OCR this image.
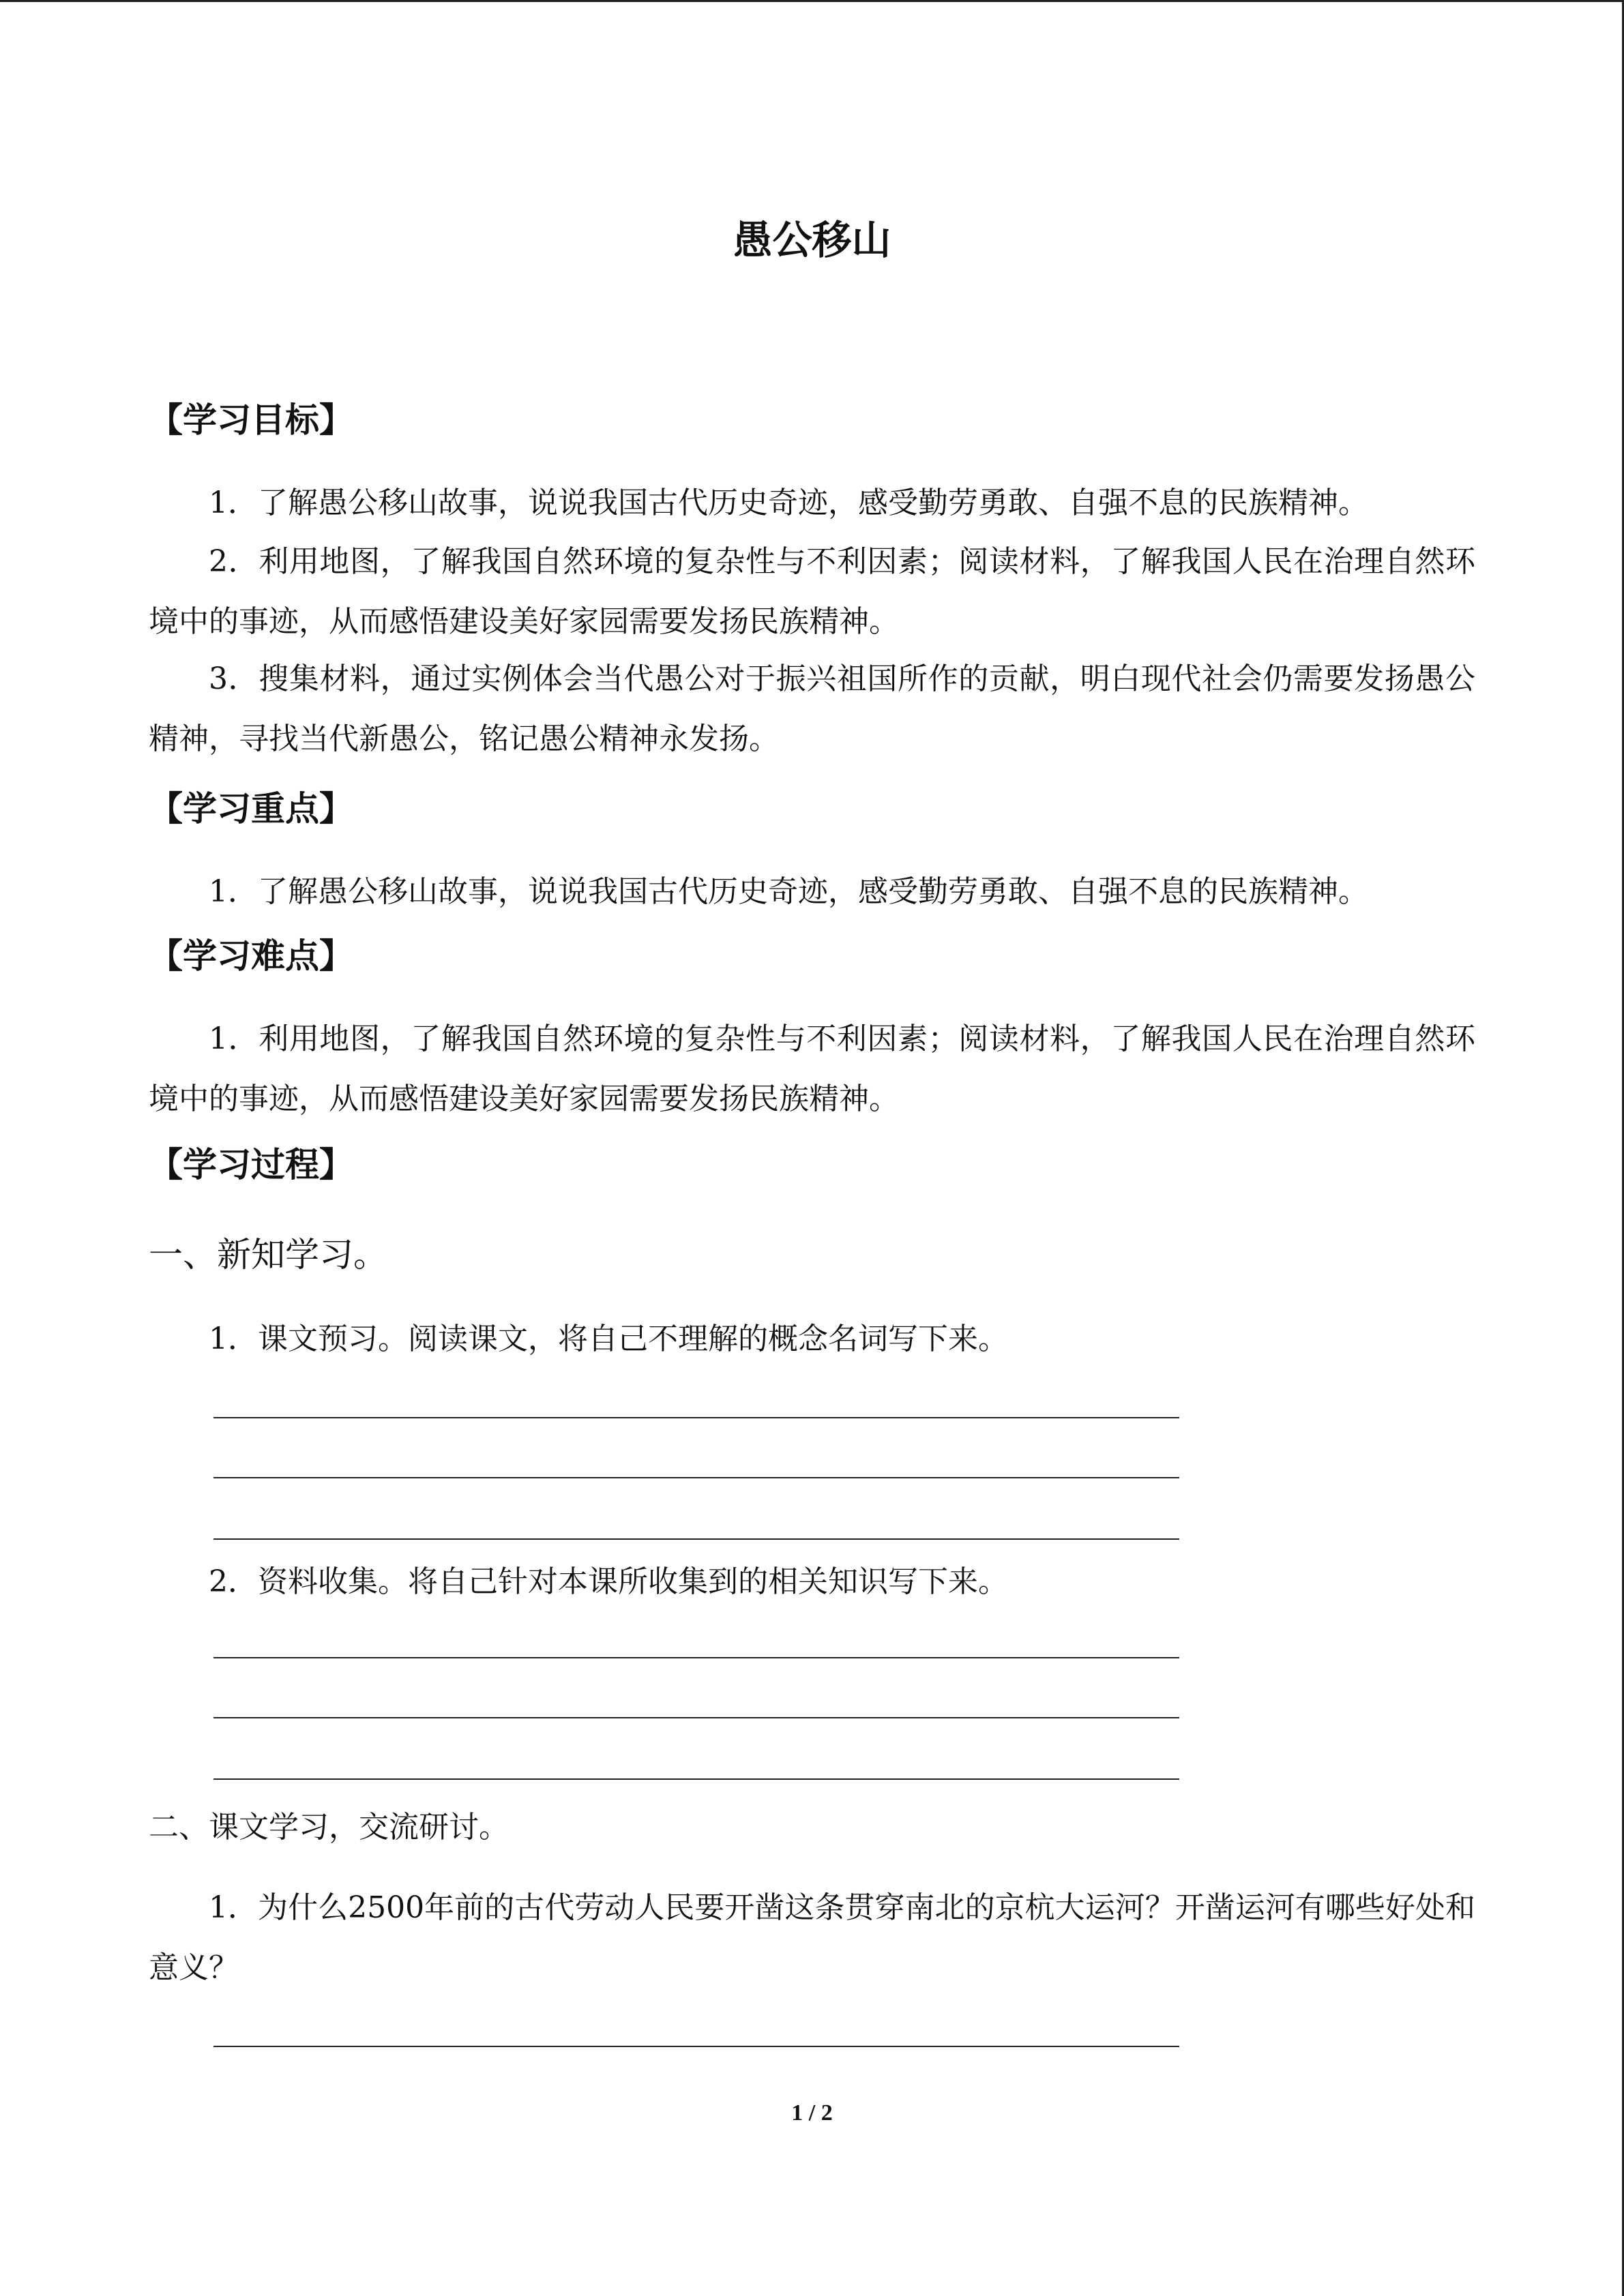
愚公移山
【学习目标】

1．了解愚公移山故事，说说我国古代历史奇迹，感受勤劳勇敢、自强不息的民族精神。

2．利用地图，了解我国自然环境的复杂性与不利因素；阅读材料，了解我国人民在治理自然环境中的事迹，从而感悟建设美好家园需要发扬民族精神。

3．搜集材料，通过实例体会当代愚公对于振兴祖国所作的贡献，明白现代社会仍需要发扬愚公精神，寻找当代新愚公，铭记愚公精神永发扬。

【学习重点】

1．了解愚公移山故事，说说我国古代历史奇迹，感受勤劳勇敢、自强不息的民族精神。

【学习难点】

1．利用地图，了解我国自然环境的复杂性与不利因素；阅读材料，了解我国人民在治理自然环境中的事迹，从而感悟建设美好家园需要发扬民族精神。

【学习过程】
一、新知学习。

1．课文预习。阅读课文，将自己不理解的概念名词写下来。

2．资料收集。将自己针对本课所收集到的相关知识写下来。

二、课文学习，交流研讨。

1．为什么2500年前的古代劳动人民要开凿这条贯穿南北的京杭大运河？开凿运河有哪些好处和意义？

1 / 2
